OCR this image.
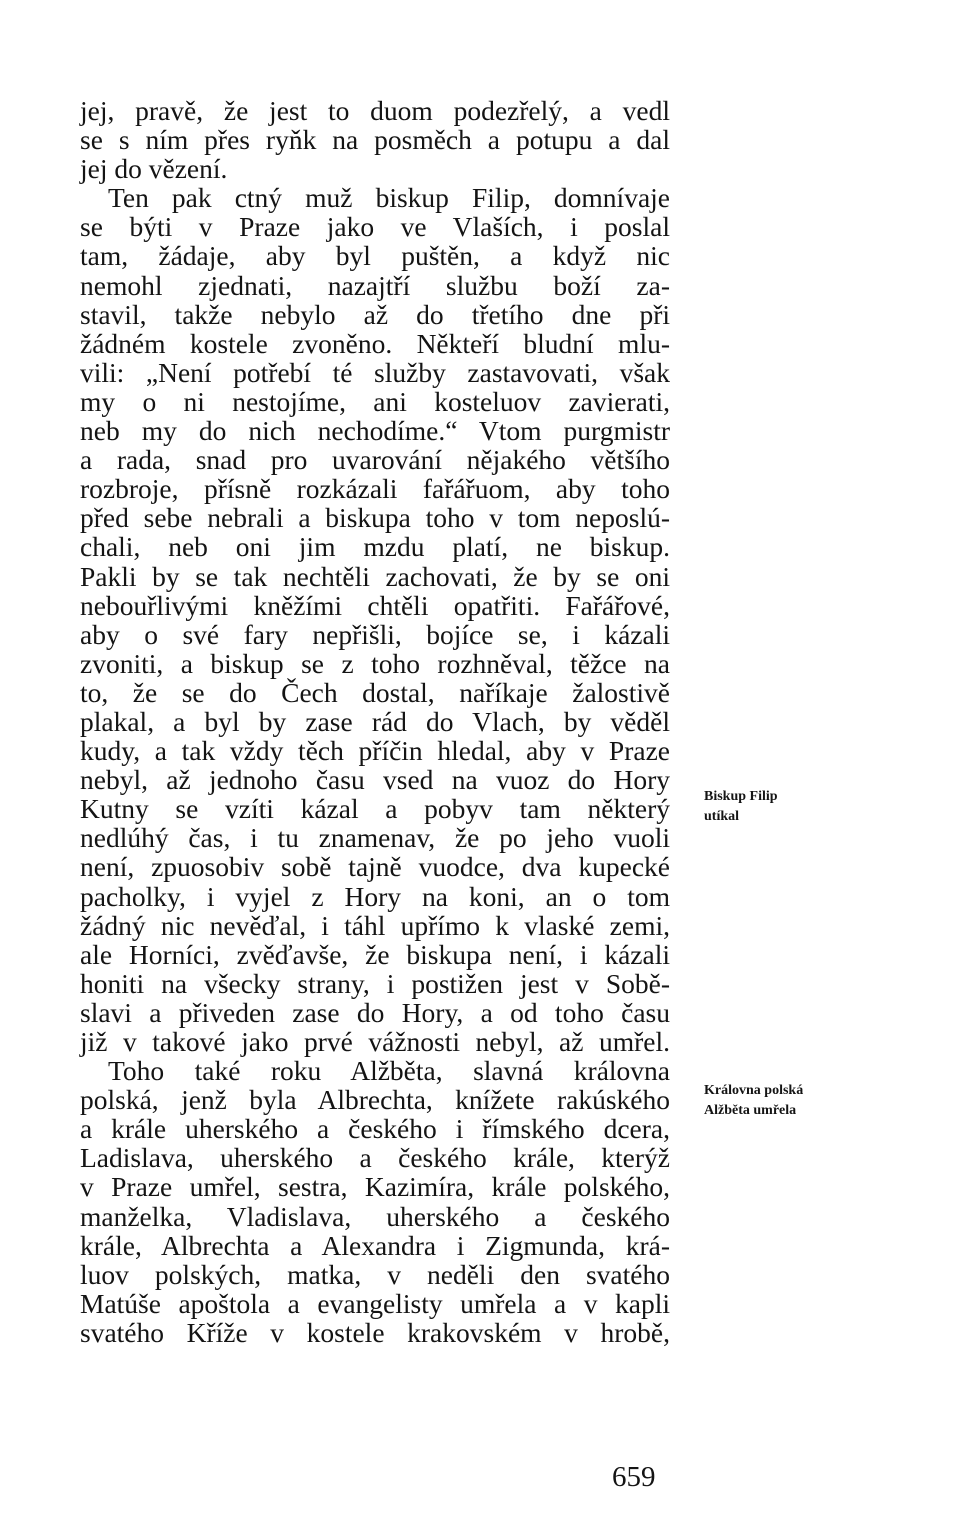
jej, pravě, že jest to duom podezřelý, a vedl
se s ním přes ryňk na posměch a potupu a dal
jej do vězení.
Ten pak ctný muž biskup Filip, domnívaje
se býti v Praze jako ve Vlaších, i poslal
tam, žádaje, aby byl puštěn, a když nic
nemohl zjednati, nazajtří službu boží za-
stavil, takže nebylo až do třetího dne při
žádném kostele zvoněno. Někteří bludní mlu-
vili: „Není potřebí té služby zastavovati, však
my o ni nestojíme, ani kosteluov zavierati,
neb my do nich nechodíme.“ Vtom purgmistr
a rada, snad pro uvarování nějakého většího
rozbroje, přísně rozkázali fařářuom, aby toho
před sebe nebrali a biskupa toho v tom neposlú-
chali, neb oni jim mzdu platí, ne biskup.
Pakli by se tak nechtěli zachovati, že by se oni
nebouřlivými kněžími chtěli opatřiti. Fařářové,
aby o své fary nepřišli, bojíce se, i kázali
zvoniti, a biskup se z toho rozhněval, těžce na
to, že se do Čech dostal, naříkaje žalostivě
plakal, a byl by zase rád do Vlach, by věděl
kudy, a tak vždy těch příčin hledal, aby v Praze
nebyl, až jednoho času vsed na vuoz do Hory
Kutny se vzíti kázal a pobyv tam některý
nedlúhý čas, i tu znamenav, že po jeho vuoli
není, zpuosobiv sobě tajně vuodce, dva kupecké
pacholky, i vyjel z Hory na koni, an o tom
žádný nic nevěďal, i táhl upřímo k vlaské zemi,
ale Horníci, zvěďavše, že biskupa není, i kázali
honiti na všecky strany, i postižen jest v Sobě-
slavi a přiveden zase do Hory, a od toho času
již v takové jako prvé vážnosti nebyl, až umřel.
Toho také roku Alžběta, slavná královna
polská, jenž byla Albrechta, knížete rakúského
a krále uherského a českého i římského dcera,
Ladislava, uherského a českého krále, kterýž
v Praze umřel, sestra, Kazimíra, krále polského,
manželka, Vladislava, uherského a českého
krále, Albrechta a Alexandra i Zigmunda, krá-
luov polských, matka, v neděli den svatého
Matúše apoštola a evangelisty umřela a v kapli
svatého Kříže v kostele krakovském v hrobě,
Biskup Filip
utíkal
Královna polská
Alžběta umřela
659
